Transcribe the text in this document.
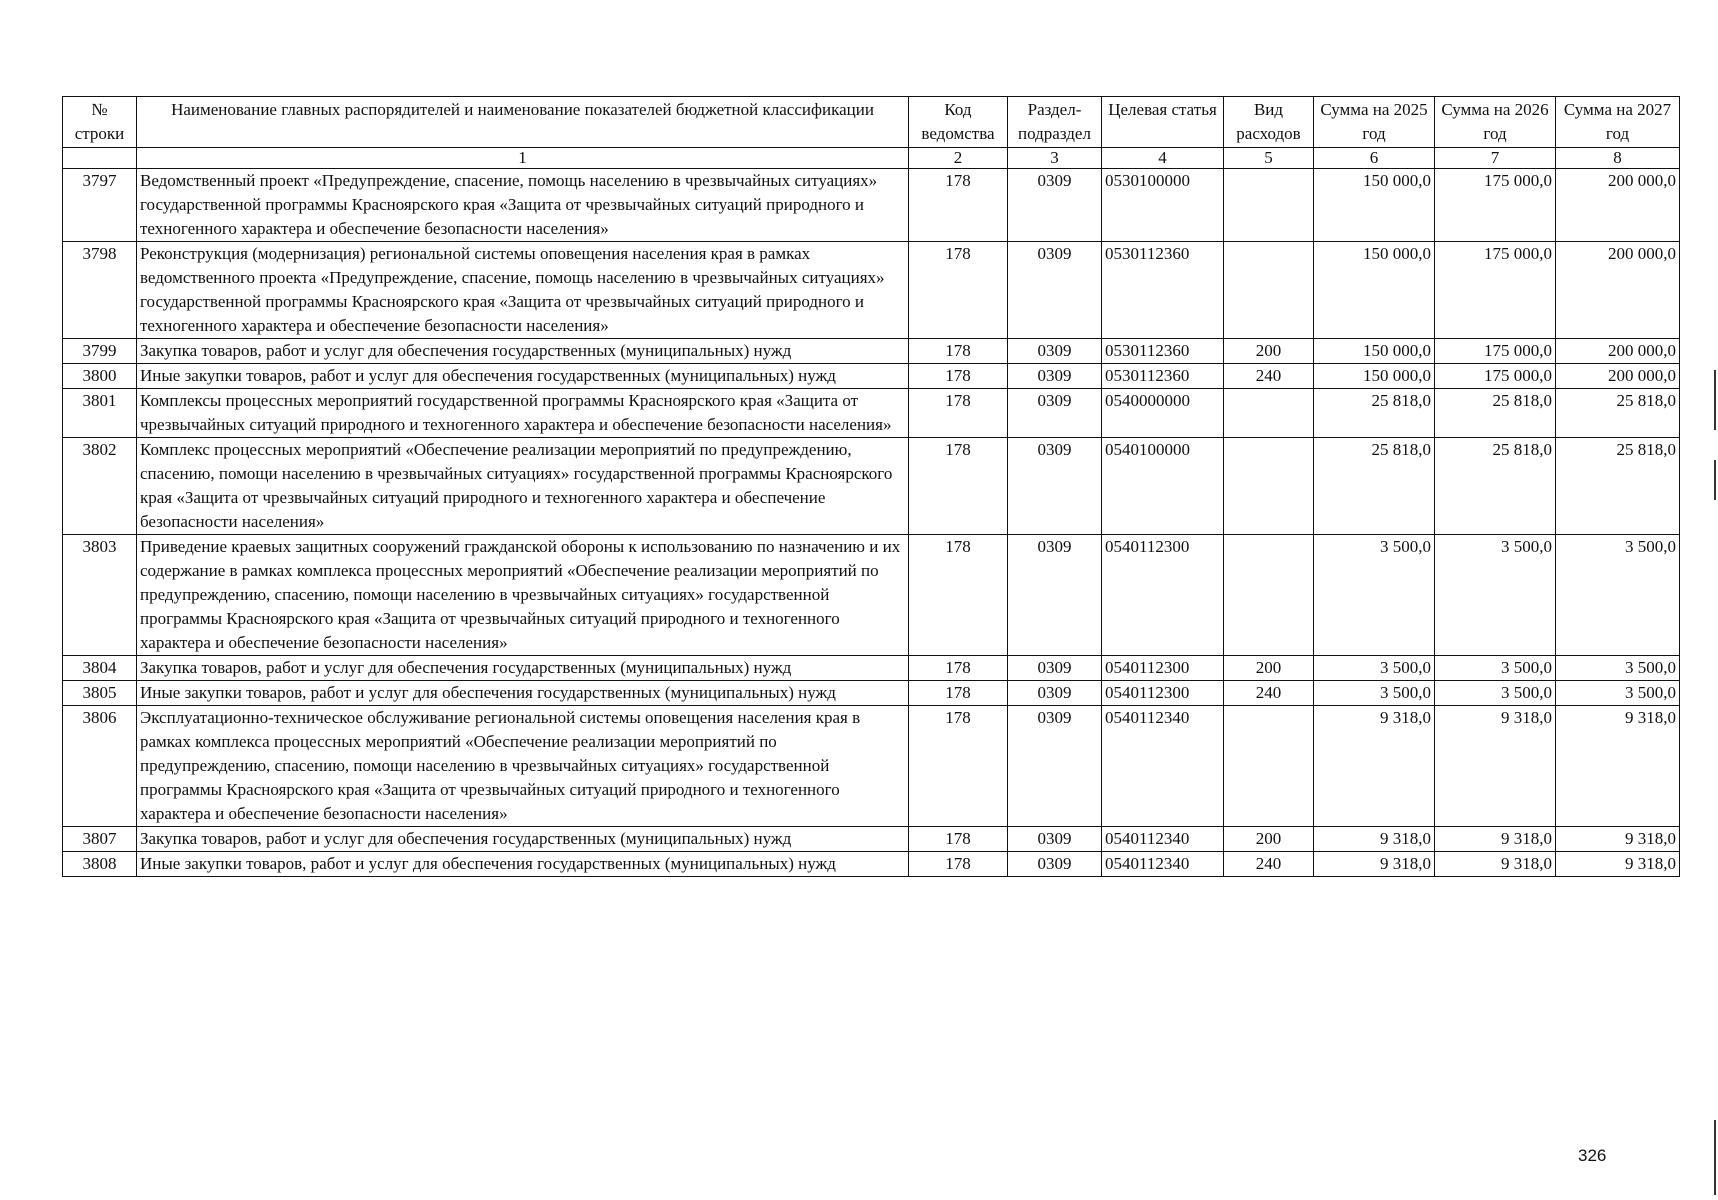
№ строки	Наименование главных распорядителей и наименование показателей бюджетной классификации	Код ведомства	Раздел-подраздел	Целевая статья	Вид расходов	Сумма на 2025 год	Сумма на 2026 год	Сумма на 2027 год
	1	2	3	4	5	6	7	8
3797	Ведомственный проект «Предупреждение, спасение, помощь населению в чрезвычайных ситуациях» государственной программы Красноярского края «Защита от чрезвычайных ситуаций природного и техногенного характера и обеспечение безопасности населения»	178	0309	0530100000		150 000,0	175 000,0	200 000,0
3798	Реконструкция (модернизация) региональной системы оповещения населения края в рамках ведомственного проекта «Предупреждение, спасение, помощь населению в чрезвычайных ситуациях» государственной программы Красноярского края «Защита от чрезвычайных ситуаций природного и техногенного характера и обеспечение безопасности населения»	178	0309	0530112360		150 000,0	175 000,0	200 000,0
3799	Закупка товаров, работ и услуг для обеспечения государственных (муниципальных) нужд	178	0309	0530112360	200	150 000,0	175 000,0	200 000,0
3800	Иные закупки товаров, работ и услуг для обеспечения государственных (муниципальных) нужд	178	0309	0530112360	240	150 000,0	175 000,0	200 000,0
3801	Комплексы процессных мероприятий государственной программы Красноярского края «Защита от чрезвычайных ситуаций природного и техногенного характера и обеспечение безопасности населения»	178	0309	0540000000		25 818,0	25 818,0	25 818,0
3802	Комплекс процессных мероприятий «Обеспечение реализации мероприятий по предупреждению, спасению, помощи населению в чрезвычайных ситуациях» государственной программы Красноярского края «Защита от чрезвычайных ситуаций природного и техногенного характера и обеспечение безопасности населения»	178	0309	0540100000		25 818,0	25 818,0	25 818,0
3803	Приведение краевых защитных сооружений гражданской обороны к использованию по назначению и их содержание в рамках комплекса процессных мероприятий «Обеспечение реализации мероприятий по предупреждению, спасению, помощи населению в чрезвычайных ситуациях» государственной программы Красноярского края «Защита от чрезвычайных ситуаций природного и техногенного характера и обеспечение безопасности населения»	178	0309	0540112300		3 500,0	3 500,0	3 500,0
3804	Закупка товаров, работ и услуг для обеспечения государственных (муниципальных) нужд	178	0309	0540112300	200	3 500,0	3 500,0	3 500,0
3805	Иные закупки товаров, работ и услуг для обеспечения государственных (муниципальных) нужд	178	0309	0540112300	240	3 500,0	3 500,0	3 500,0
3806	Эксплуатационно-техническое обслуживание региональной системы оповещения населения края в рамках комплекса процессных мероприятий «Обеспечение реализации мероприятий по предупреждению, спасению, помощи населению в чрезвычайных ситуациях» государственной программы Красноярского края «Защита от чрезвычайных ситуаций природного и техногенного характера и обеспечение безопасности населения»	178	0309	0540112340		9 318,0	9 318,0	9 318,0
3807	Закупка товаров, работ и услуг для обеспечения государственных (муниципальных) нужд	178	0309	0540112340	200	9 318,0	9 318,0	9 318,0
3808	Иные закупки товаров, работ и услуг для обеспечения государственных (муниципальных) нужд	178	0309	0540112340	240	9 318,0	9 318,0	9 318,0
326
